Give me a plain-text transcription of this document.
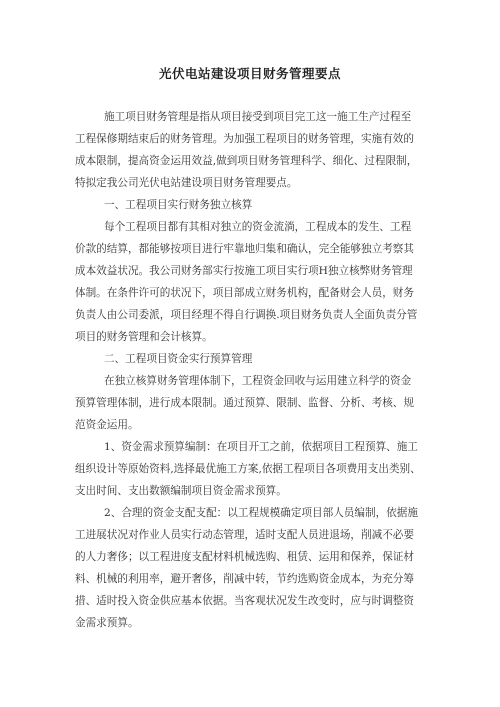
光伏电站建设项目财务管理要点
施工项目财务管理是指从项目接受到项目完工这一施工生产过程至
工程保修期结束后的财务管理。为加强工程项目的财务管理，实施有效的
成本限制，提高资金运用效益,做到项目财务管理科学、细化、过程限制，
特拟定我公司光伏电站建设项目财务管理要点。
一、工程项目实行财务独立核算
每个工程项目都有其相对独立的资金流淌，工程成本的发生、工程
价款的结算，都能够按项目进行牢靠地归集和确认，完全能够独立考察其
成本效益状况。我公司财务部实行按施工项目实行项H独立核弊财务管理
体制。在条件许可的状况下，项目部成立财务机构，配备财会人员，财务
负责人由公司委派，项目经理不得自行调换.项目财务负责人全面负责分管
项目的财务管理和会计核算。
二、工程项目资金实行预算管理
在独立核算财务管理体制下，工程资金回收与运用建立科学的资金
预算管理体制，进行成本限制。通过预算、限制、监督、分析、考核、规
范资金运用。
1、资金需求预算编制：在项目开工之前，依据项目工程预算、施工
组织设计等原始资料,选择最优施工方案,依据工程项目各项费用支出类别、
支出时间、支出数额编制项目资金需求预算。
2、合理的资金支配支配：以工程规模确定项目部人员编制，依据施
工进展状况对作业人员实行动态管理，适时支配人员进退场，削减不必要
的人力奢侈；以工程进度支配材料机械选购、租赁、运用和保养，保证材
料、机械的利用率，避开奢侈，削减中转，节约选购资金成本，为充分筹
措、适时投入资金供应基本依据。当客观状况发生改变时，应与时调整资
金需求预算。
